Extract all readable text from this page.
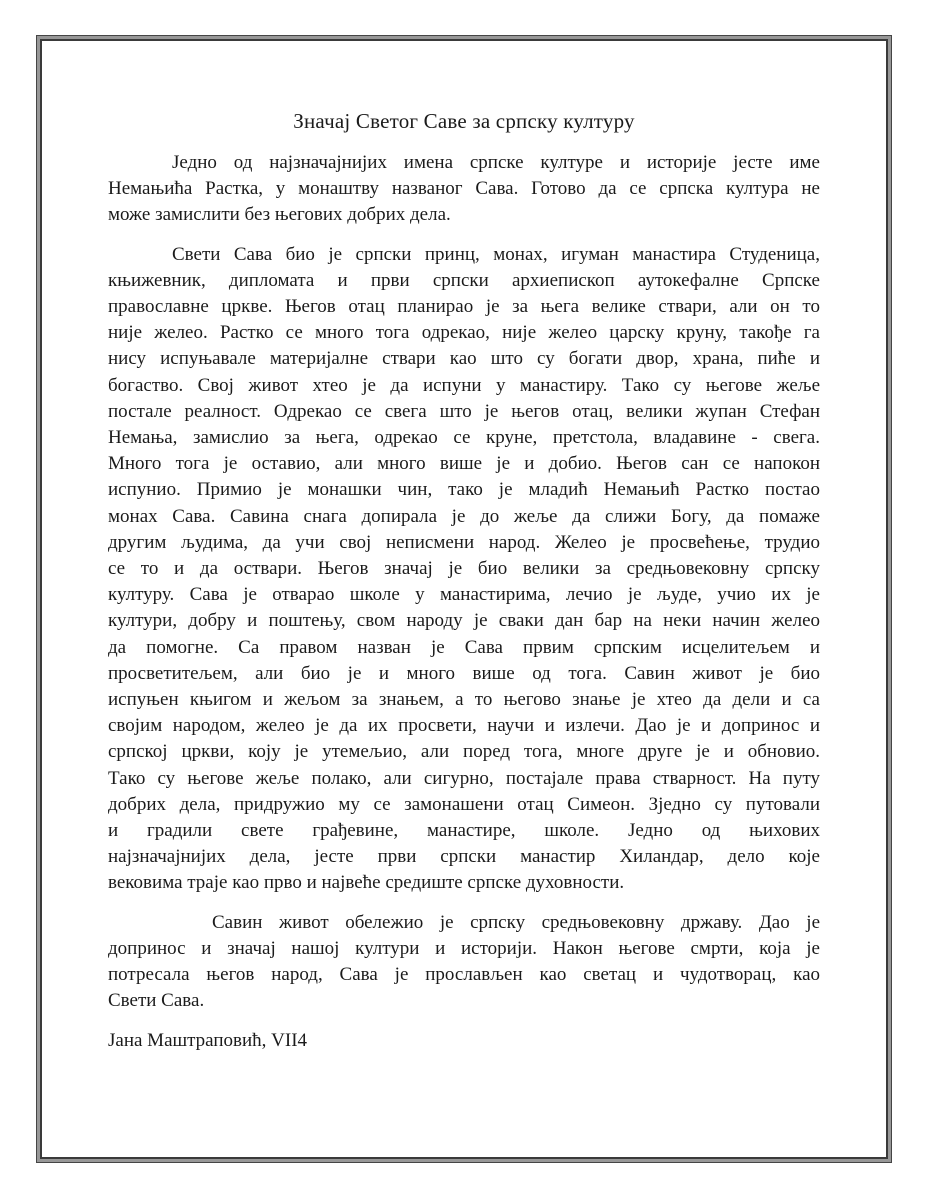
Значај Светог Саве за српску културу
Једно од најзначајнијих имена српске културе и историје јесте име
Немањића Растка, у монаштву названог Сава. Готово да се српска култура не
може замислити без његових добрих дела.
Свети Сава био је српски принц, монах, игуман манастира Студеница,
књижевник, дипломата и први српски архиепископ аутокефалне Српске
православне цркве. Његов отац планирао је за њега велике ствари, али он то
није желео. Растко се много тога одрекао, није желео царску круну, такође га
нису испуњавале материјалне ствари као што су богати двор, храна, пиће и
богаство. Свој живот хтео је да испуни у манастиру. Тако су његове жеље
постале реалност. Одрекао се свега што је његов отац, велики жупан Стефан
Немања, замислио за њега, одрекао се круне, претстола, владавине - свега.
Много тога је оставио, али много више је и добио. Његов сан се напокон
испунио. Примио је монашки чин, тако је младић Немањић Растко постао
монах Сава. Савина снага допирала је до жеље да слижи Богу, да помаже
другим људима, да учи свој неписмени народ. Желео је просвећење, трудио
се то и да оствари. Његов значај је био велики за средњовековну српску
културу. Сава је отварао школе у манастирима, лечио је људе, учио их је
култури, добру и поштењу, свом народу је сваки дан бар на неки начин желео
да помогне. Са правом назван је Сава првим српским исцелитељем и
просветитељем, али био је и много више од тога. Савин живот је био
испуњен књигом и жељом за знањем, а то његово знање је хтео да дели и са
својим народом, желео је да их просвети, научи и излечи. Дао је и допринос и
српској цркви, коју је утемељио, али поред тога, многе друге је и обновио.
Тако су његове жеље полако, али сигурно, постајале права стварност. На путу
добрих дела, придружио му се замонашени отац Симеон. Зједно су путовали
и градили свете грађевине, манастире, школе. Једно од њихових
најзначајнијих дела, јесте први српски манастир Хиландар, дело које
вековима траје као прво и највеће средиште српске духовности.
Савин живот обележио је српску средњовековну државу. Дао је
допринос и значај нашој култури и историји. Након његове смрти, која је
потресала његов народ, Сава је прослављен као светац и чудотворац, као
Свети Сава.

Јана Маштраповић, VII4
